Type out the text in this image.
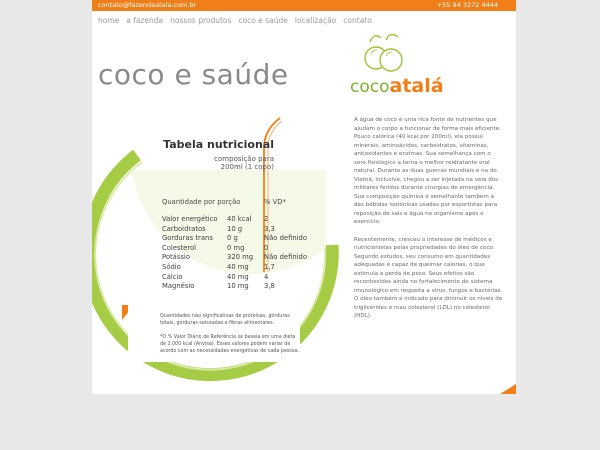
contato@fazendaatala.com.br	+55 84 3272 4444
home a fazenda nossos produtos coco e saúde localização contato
coco e saúde	cocoatalá
Tabela nutricional
composição para
200ml (1 copo)
Quantidade por porção	% VD*
Valor energético	40 kcal	2
Carboidratos	10 g	3,3
Gorduras trans	0 g	Não definido
Colesterol	0 mg	0
Potássio	320 mg	Não definido
Sódio	40 mg	1,7
Cálcio	40 mg	4
Magnésio	10 mg	3,8

Quantidades não significativas de proteínas, gorduras totais, gorduras saturadas e fibras alimentares.

*O % Valor Diário de Referência se baseia em uma dieta de 2.000 kcal (Anvisa). Esses valores podem variar de acordo com as necessidades energéticas de cada pessoa.

A água de coco é uma rica fonte de nutrientes que ajudam o corpo a funcionar de forma mais eficiente. Pouco calórica (40 kcal por 200ml), ela possui minerais, aminoácidos, carboidratos, vitaminas, antioxidantes e enzimas. Sua semelhança com o soro fisiológico a torna o melhor reidratante oral natural. Durante as duas guerras mundiais e na do Vietnã, inclusive, chegou a ser injetada na veia dos militares feridos durante cirurgias de emergência. Sua composição química é semelhante também à das bebidas isotônicas usadas por esportistas para reposição de sais e água no organismo após o exercício.

Recentemente, cresceu o interesse de médicos e nutricionistas pelas propriedades do óleo de coco. Segundo estudos, seu consumo em quantidades adequadas é capaz de queimar calorias, o que estimula a perda de peso. Seus efeitos são reconhecidos ainda no fortalecimento do sistema imunológico em resposta a vírus, fungos e bactérias. O óleo também é indicado para diminuir os níveis de triglicérides e mau colesterol (LDL) no colesterol (HDL).
